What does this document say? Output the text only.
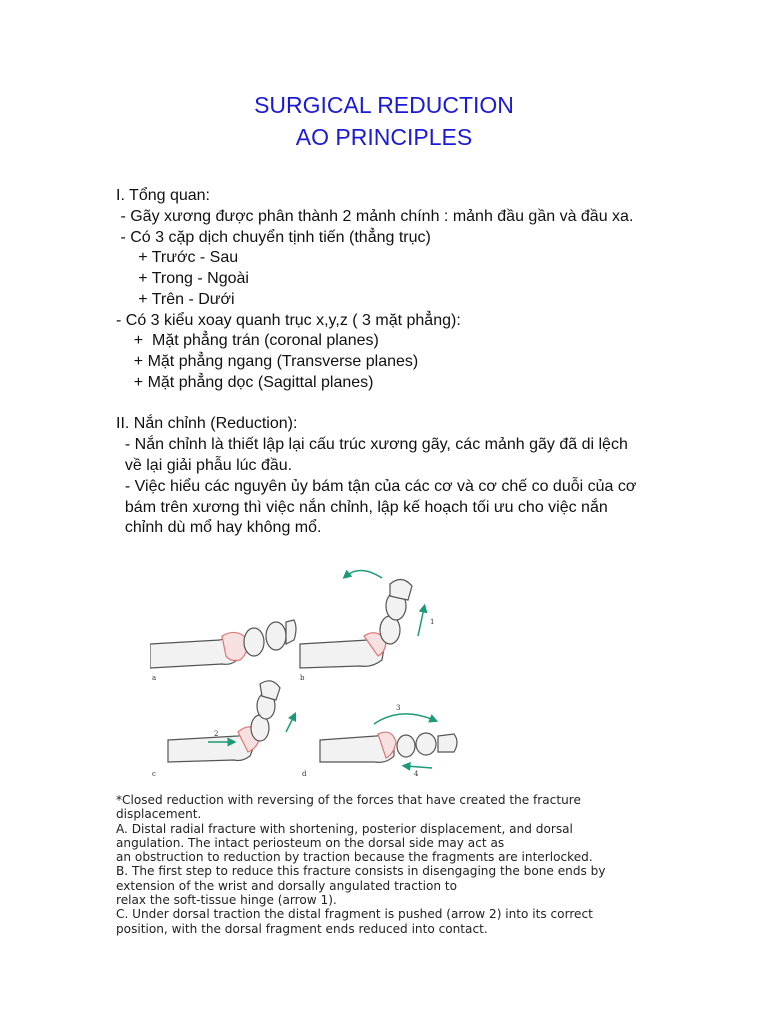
SURGICAL REDUCTION
AO PRINCIPLES
I. Tổng quan:
- Gãy xương được phân thành 2 mảnh chính : mảnh đầu gần và đầu xa.
- Có 3 cặp dịch chuyển tịnh tiến (thẳng trục)
+ Trước - Sau
+ Trong - Ngoài
+ Trên - Dưới
- Có 3 kiểu xoay quanh trục x,y,z ( 3 mặt phẳng):
+  Mặt phẳng trán (coronal planes)
+ Mặt phẳng ngang (Transverse planes)
+ Mặt phẳng dọc (Sagittal planes)
II. Nắn chỉnh (Reduction):
- Nắn chỉnh là thiết lập lại cấu trúc xương gãy, các mảnh gãy đã di lệch
về lại giải phẫu lúc đầu.
- Việc hiểu các nguyên ủy bám tận của các cơ và cơ chế co duỗi của cơ
bám trên xương thì việc nắn chỉnh, lập kế hoạch tối ưu cho việc nắn
chỉnh dù mổ hay không mổ.
a	b
c	d
1
2
3
4
*Closed reduction with reversing of the forces that have created the fracture
displacement.
A. Distal radial fracture with shortening, posterior displacement, and dorsal
angulation. The intact periosteum on the dorsal side may act as
an obstruction to reduction by traction because the fragments are interlocked.
B. The first step to reduce this fracture consists in disengaging the bone ends by
extension of the wrist and dorsally angulated traction to
relax the soft-tissue hinge (arrow 1).
C. Under dorsal traction the distal fragment is pushed (arrow 2) into its correct
position, with the dorsal fragment ends reduced into contact.
